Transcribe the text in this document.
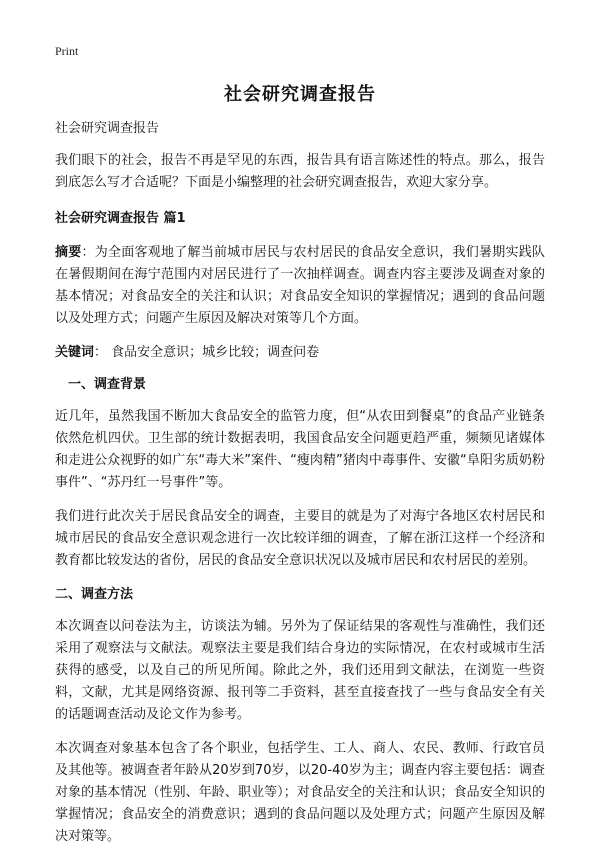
Print
社会研究调查报告

社会研究调查报告

我们眼下的社会，报告不再是罕见的东西，报告具有语言陈述性的特点。那么，报告到底怎么写才合适呢？下面是小编整理的社会研究调查报告，欢迎大家分享。

社会研究调查报告 篇1

摘要：为全面客观地了解当前城市居民与农村居民的食品安全意识，我们暑期实践队在暑假期间在海宁范围内对居民进行了一次抽样调查。调查内容主要涉及调查对象的基本情况；对食品安全的关注和认识；对食品安全知识的掌握情况；遇到的食品问题以及处理方式；问题产生原因及解决对策等几个方面。

关键词： 食品安全意识；城乡比较；调查问卷

一、调查背景

近几年，虽然我国不断加大食品安全的监管力度，但“从农田到餐桌”的食品产业链条依然危机四伏。卫生部的统计数据表明，我国食品安全问题更趋严重，频频见诸媒体和走进公众视野的如广东“毒大米”案件、“瘦肉精”猪肉中毒事件、安徽“阜阳劣质奶粉事件”、“苏丹红一号事件”等。

我们进行此次关于居民食品安全的调查，主要目的就是为了对海宁各地区农村居民和城市居民的食品安全意识观念进行一次比较详细的调查，了解在浙江这样一个经济和教育都比较发达的省份，居民的食品安全意识状况以及城市居民和农村居民的差别。

二、调查方法

本次调查以问卷法为主，访谈法为辅。另外为了保证结果的客观性与准确性，我们还采用了观察法与文献法。观察法主要是我们结合身边的实际情况，在农村或城市生活获得的感受，以及自己的所见所闻。除此之外，我们还用到文献法，在浏览一些资料，文献，尤其是网络资源、报刊等二手资料，甚至直接查找了一些与食品安全有关的话题调查活动及论文作为参考。

本次调查对象基本包含了各个职业，包括学生、工人、商人、农民、教师、行政官员及其他等。被调查者年龄从20岁到70岁，以20-40岁为主；调查内容主要包括：调查对象的基本情况（性别、年龄、职业等）；对食品安全的关注和认识；食品安全知识的掌握情况；食品安全的消费意识；遇到的食品问题以及处理方式；问题产生原因及解决对策等。
